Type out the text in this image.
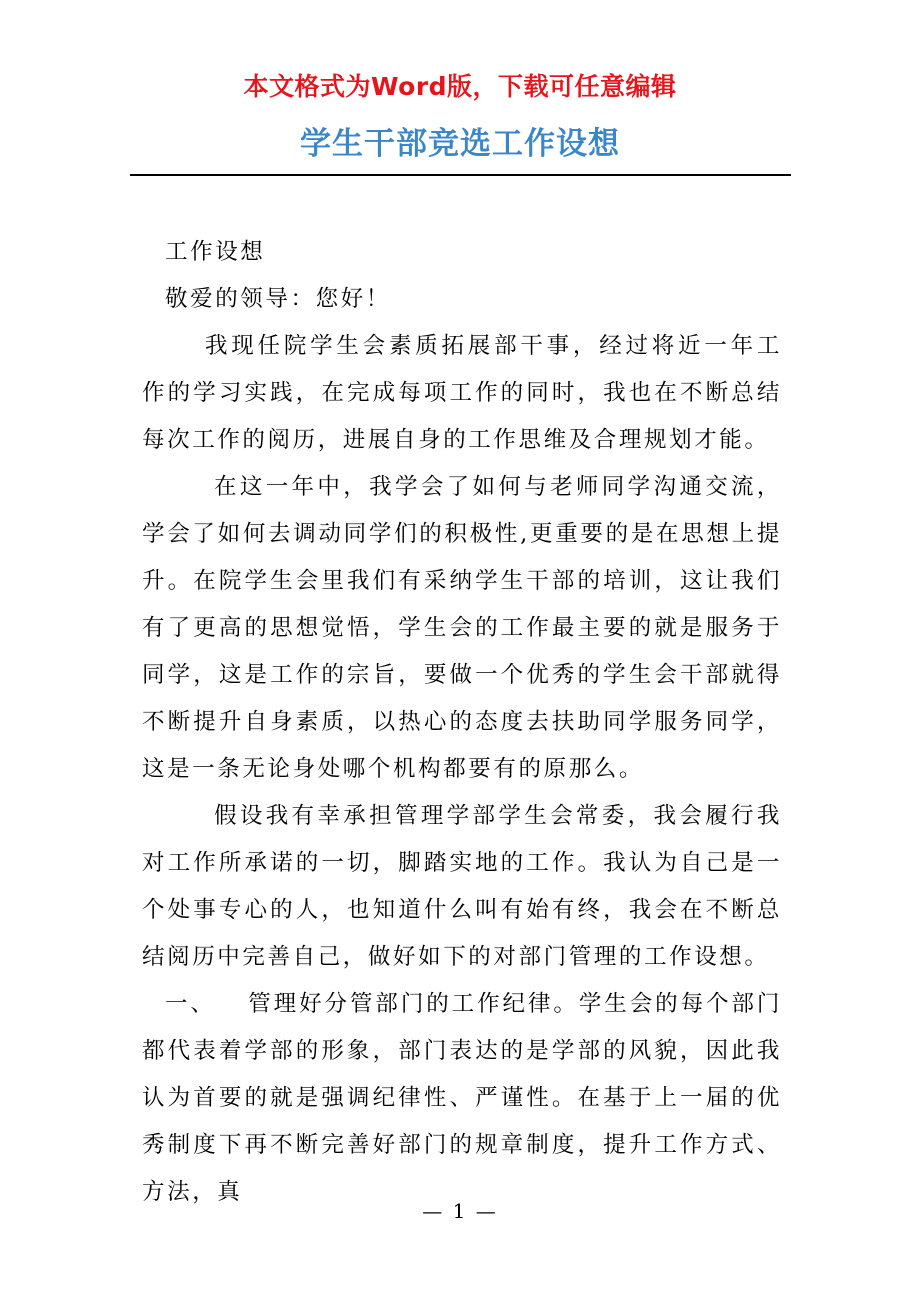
本文格式为Word版，下载可任意编辑
学生干部竞选工作设想

工作设想

敬爱的领导：您好！

我现任院学生会素质拓展部干事，经过将近一年工作的学习实践，在完成每项工作的同时，我也在不断总结每次工作的阅历，进展自身的工作思维及合理规划才能。

在这一年中，我学会了如何与老师同学沟通交流，学会了如何去调动同学们的积极性,更重要的是在思想上提升。在院学生会里我们有采纳学生干部的培训，这让我们有了更高的思想觉悟，学生会的工作最主要的就是服务于同学，这是工作的宗旨，要做一个优秀的学生会干部就得不断提升自身素质，以热心的态度去扶助同学服务同学，这是一条无论身处哪个机构都要有的原那么。

假设我有幸承担管理学部学生会常委，我会履行我对工作所承诺的一切，脚踏实地的工作。我认为自己是一个处事专心的人，也知道什么叫有始有终，我会在不断总结阅历中完善自己，做好如下的对部门管理的工作设想。

一、 管理好分管部门的工作纪律。学生会的每个部门都代表着学部的形象，部门表达的是学部的风貌，因此我认为首要的就是强调纪律性、严谨性。在基于上一届的优秀制度下再不断完善好部门的规章制度，提升工作方式、方法，真

— 1 —
